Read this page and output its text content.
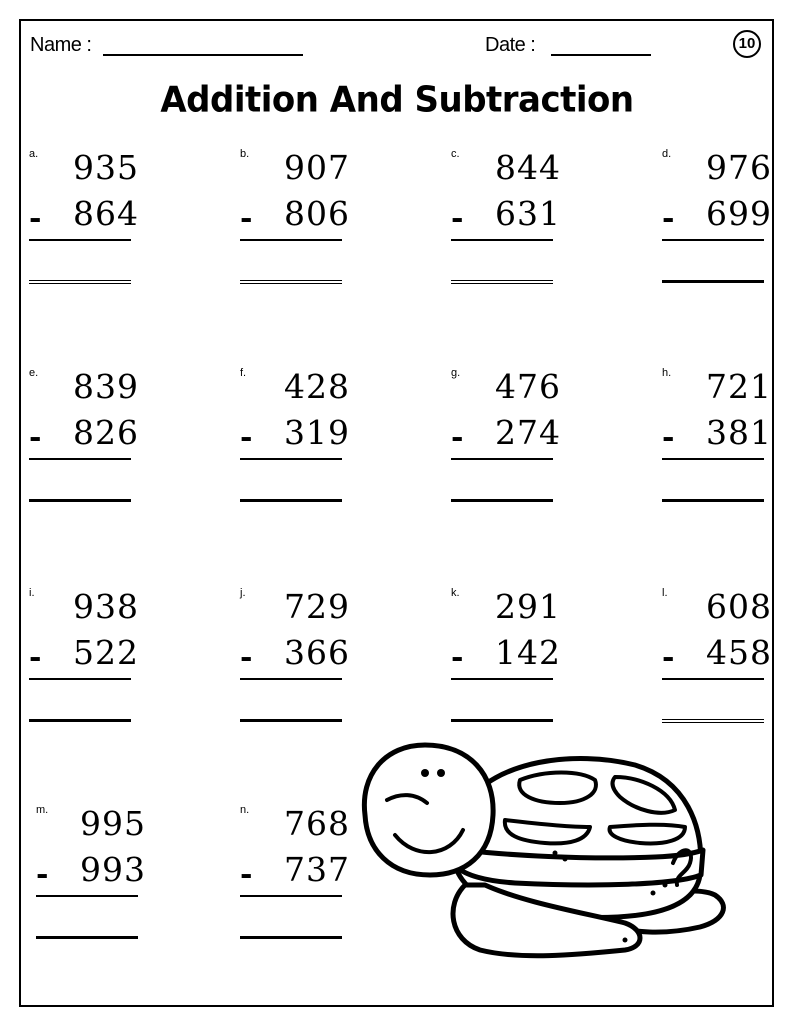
Name :	Date :	10
Addition And Subtraction
a. 935
- 864
b. 907
- 806
c. 844
- 631
d. 976
- 699
e. 839
- 826
f. 428
- 319
g. 476
- 274
h. 721
- 381
i. 938
- 522
j. 729
- 366
k. 291
- 142
l. 608
- 458
m. 995
- 993
n. 768
- 737
